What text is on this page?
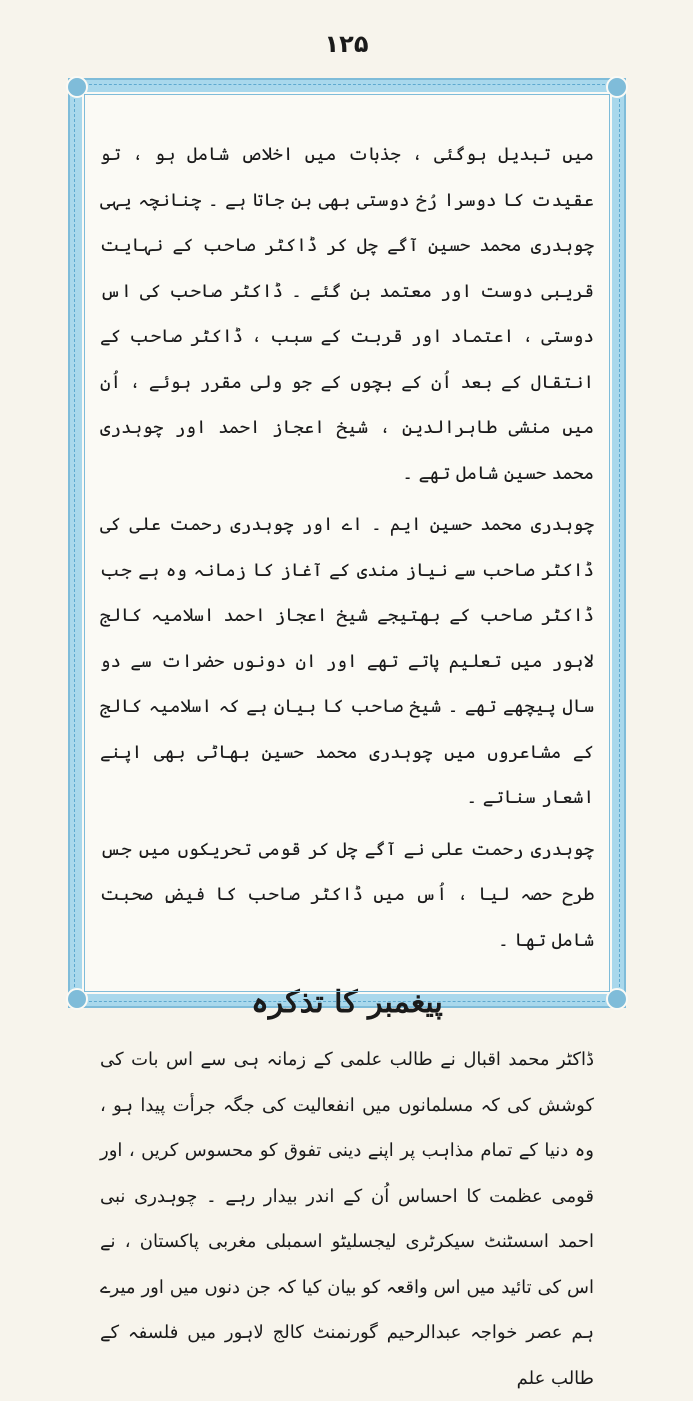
۱۲۵

میں تبدیل ہوگئی ، جذبات میں اخلاص شامل ہو ، تو عقیدت کا دوسرا رُخ دوستی بھی بن جاتا ہے ۔ چنانچہ یہی چوہدری محمد حسین آگے چل کر ڈاکٹر صاحب کے نہایت قریبی دوست اور معتمد بن گئے ۔ ڈاکٹر صاحب کی اس دوستی ، اعتماد اور قربت کے سبب ، ڈاکٹر صاحب کے انتقال کے بعد اُن کے بچوں کے جو ولی مقرر ہوئے ، اُن میں منشی طاہرالدین ، شیخ اعجاز احمد اور چوہدری محمد حسین شامل تھے ۔

چوہدری محمد حسین ایم ۔ اے اور چوہدری رحمت علی کی ڈاکٹر صاحب سے نیاز مندی کے آغاز کا زمانہ وہ ہے جب ڈاکٹر صاحب کے بھتیجے شیخ اعجاز احمد اسلامیہ کالج لاہور میں تعلیم پاتے تھے اور ان دونوں حضرات سے دو سال پیچھے تھے ۔ شیخ صاحب کا بیان ہے کہ اسلامیہ کالج کے مشاعروں میں چوہدری محمد حسین بھاٹی بھی اپنے اشعار سناتے ۔

چوہدری رحمت علی نے آگے چل کر قومی تحریکوں میں جس طرح حصہ لیا ، اُس میں ڈاکٹر صاحب کا فیضِ صحبت شامل تھا ۔

پیغمبر کا تذکرہ

ڈاکٹر محمد اقبال نے طالب علمی کے زمانہ ہی سے اس بات کی کوشش کی کہ مسلمانوں میں انفعالیت کی جگہ جرأت پیدا ہو ، وہ دنیا کے تمام مذاہب پر اپنے دینی تفوق کو محسوس کریں ، اور قومی عظمت کا احساس اُن کے اندر بیدار رہے ۔ چوہدری نبی احمد اسسٹنٹ سیکرٹری لیجسلیٹو اسمبلی مغربی پاکستان ، نے اس کی تائید میں اس واقعہ کو بیان کیا کہ جن دنوں میں اور میرے ہم عصر خواجہ عبدالرحیم گورنمنٹ کالج لاہور میں فلسفہ کے طالب علم
